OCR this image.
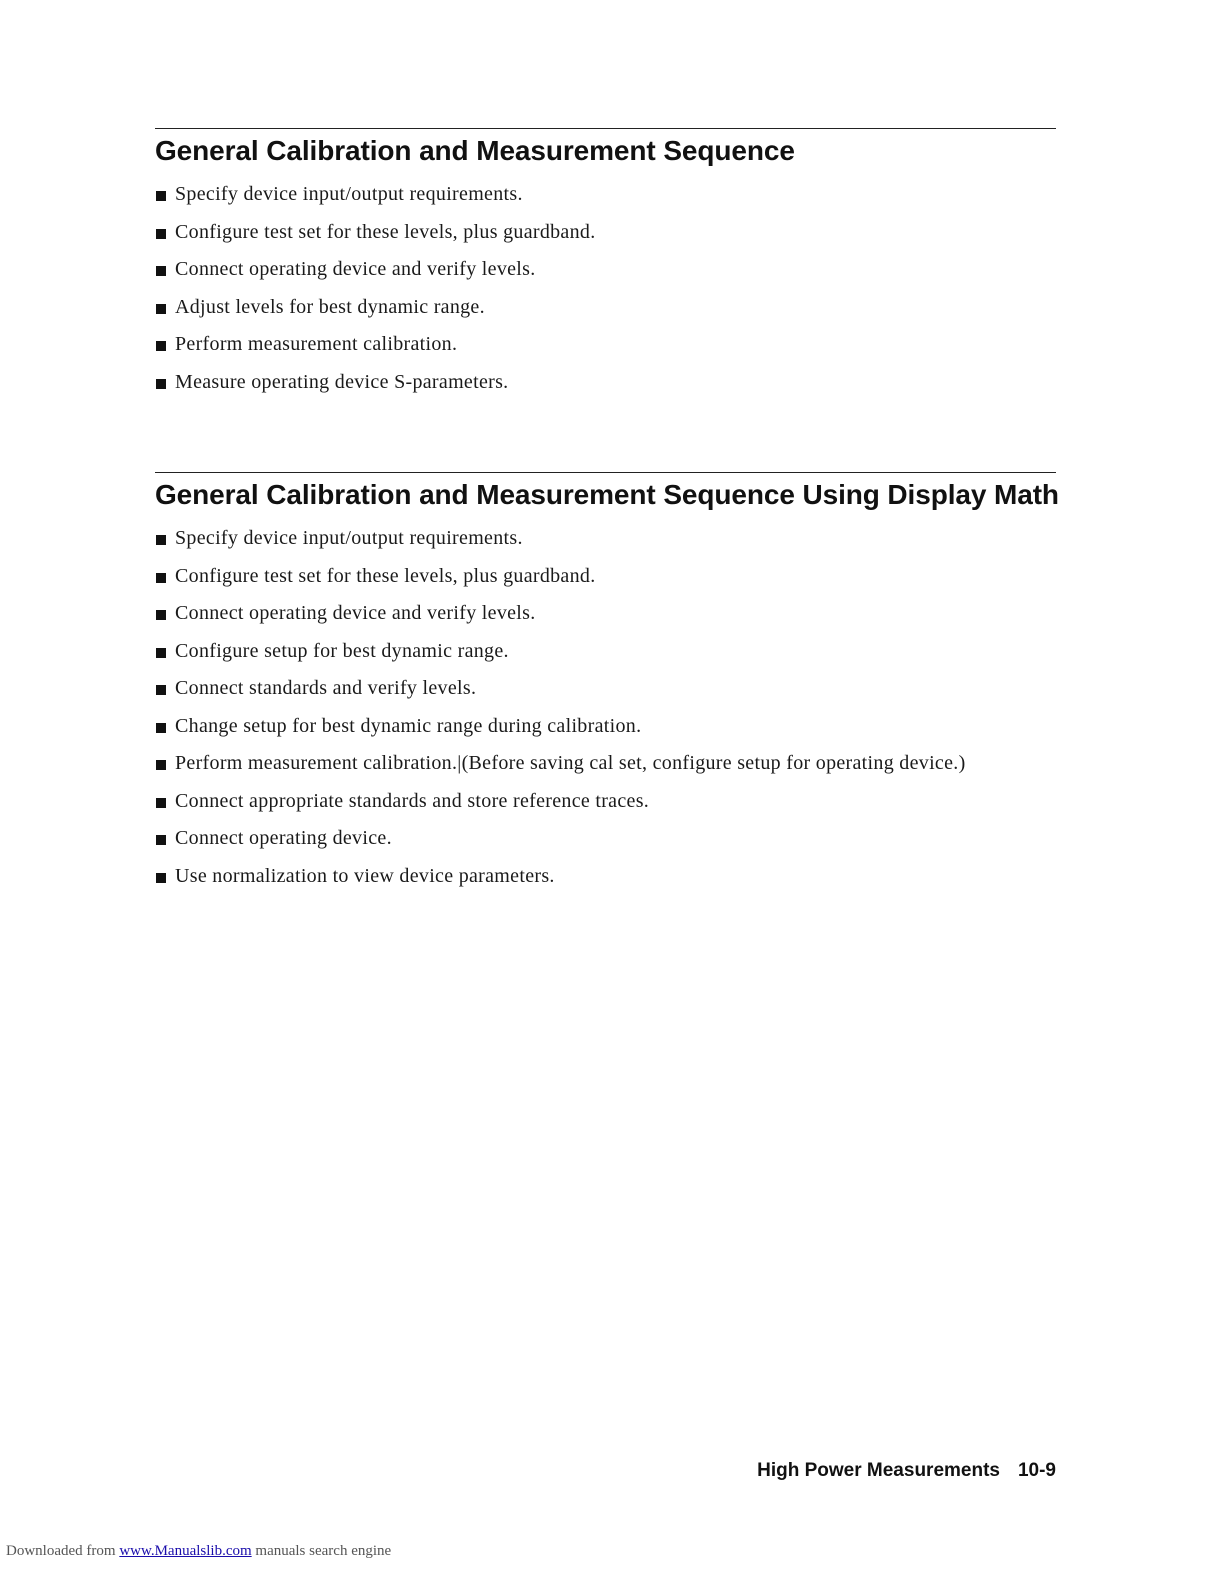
General Calibration and Measurement Sequence
Specify device input/output requirements.
Configure test set for these levels, plus guardband.
Connect operating device and verify levels.
Adjust levels for best dynamic range.
Perform measurement calibration.
Measure operating device S-parameters.
General Calibration and Measurement Sequence Using Display Math
Specify device input/output requirements.
Configure test set for these levels, plus guardband.
Connect operating device and verify levels.
Configure setup for best dynamic range.
Connect standards and verify levels.
Change setup for best dynamic range during calibration.
Perform measurement calibration.|(Before saving cal set, configure setup for operating device.)
Connect appropriate standards and store reference traces.
Connect operating device.
Use normalization to view device parameters.
High Power Measurements 10-9
Downloaded from www.Manualslib.com manuals search engine
